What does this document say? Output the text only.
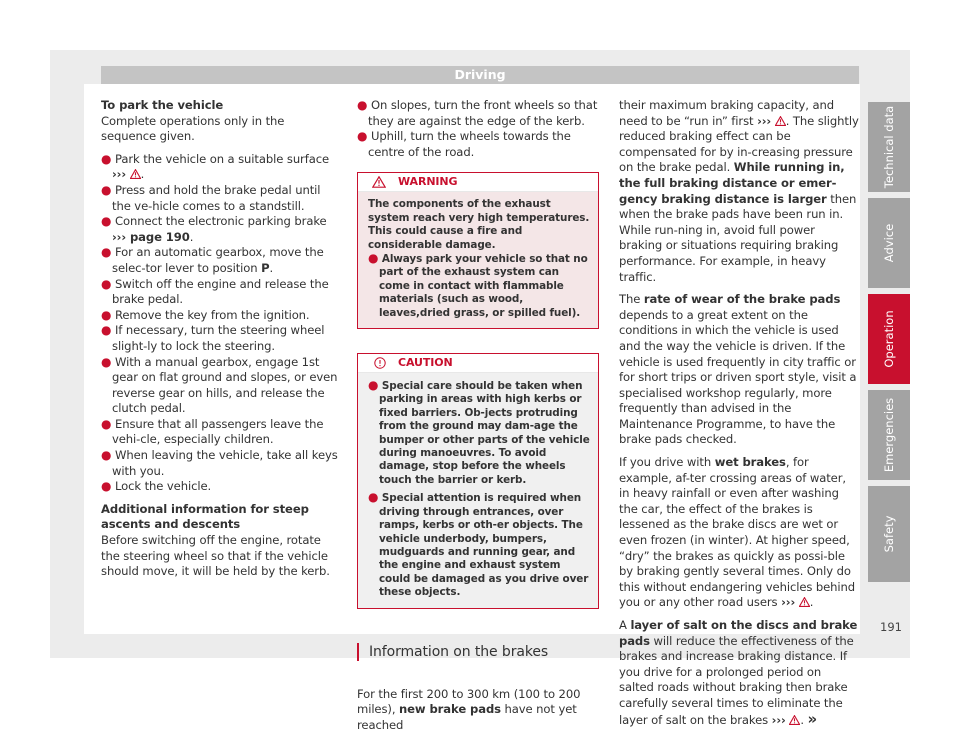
Driving

To park the vehicle

Complete operations only in the sequence given.

● Park the vehicle on a suitable surface ››› .

● Press and hold the brake pedal until the ve-hicle comes to a standstill.

● Connect the electronic parking brake ››› page 190.

● For an automatic gearbox, move the selec-tor lever to position P.

● Switch off the engine and release the brake pedal.

● Remove the key from the ignition.

● If necessary, turn the steering wheel slight-ly to lock the steering.

● With a manual gearbox, engage 1st gear on flat ground and slopes, or even reverse gear on hills, and release the clutch pedal.

● Ensure that all passengers leave the vehi-cle, especially children.

● When leaving the vehicle, take all keys with you.

● Lock the vehicle.

Additional information for steep ascents and descents

Before switching off the engine, rotate the steering wheel so that if the vehicle should move, it will be held by the kerb.

● On slopes, turn the front wheels so that they are against the edge of the kerb.

● Uphill, turn the wheels towards the centre of the road.

WARNING

The components of the exhaust system reach very high temperatures. This could cause a fire and considerable damage.

● Always park your vehicle so that no part of the exhaust system can come in contact with flammable materials (such as wood, leaves,dried grass, or spilled fuel).

CAUTION

● Special care should be taken when parking in areas with high kerbs or fixed barriers. Ob-jects protruding from the ground may dam-age the bumper or other parts of the vehicle during manoeuvres. To avoid damage, stop before the wheels touch the barrier or kerb.

● Special attention is required when driving through entrances, over ramps, kerbs or oth-er objects. The vehicle underbody, bumpers, mudguards and running gear, and the engine and exhaust system could be damaged as you drive over these objects.

Information on the brakes

For the first 200 to 300 km (100 to 200 miles), new brake pads have not yet reached

their maximum braking capacity, and need to be “run in” first ››› . The slightly reduced braking effect can be compensated for by in-creasing pressure on the brake pedal. While running in, the full braking distance or emer-gency braking distance is larger then when the brake pads have been run in. While run-ning in, avoid full power braking or situations requiring braking performance. For example, in heavy traffic.

The rate of wear of the brake pads depends to a great extent on the conditions in which the vehicle is used and the way the vehicle is driven. If the vehicle is used frequently in city traffic or for short trips or driven sport style, visit a specialised workshop regularly, more frequently than advised in the Maintenance Programme, to have the brake pads checked.

If you drive with wet brakes, for example, af-ter crossing areas of water, in heavy rainfall or even after washing the car, the effect of the brakes is lessened as the brake discs are wet or even frozen (in winter). At higher speed, “dry” the brakes as quickly as possi-ble by braking gently several times. Only do this without endangering vehicles behind you or any other road users ››› .

A layer of salt on the discs and brake pads will reduce the effectiveness of the brakes and increase braking distance. If you drive for a prolonged period on salted roads without braking then brake carefully several times to eliminate the layer of salt on the brakes ››› . »

Technical data
Advice
Operation
Emergencies
Safety
191
